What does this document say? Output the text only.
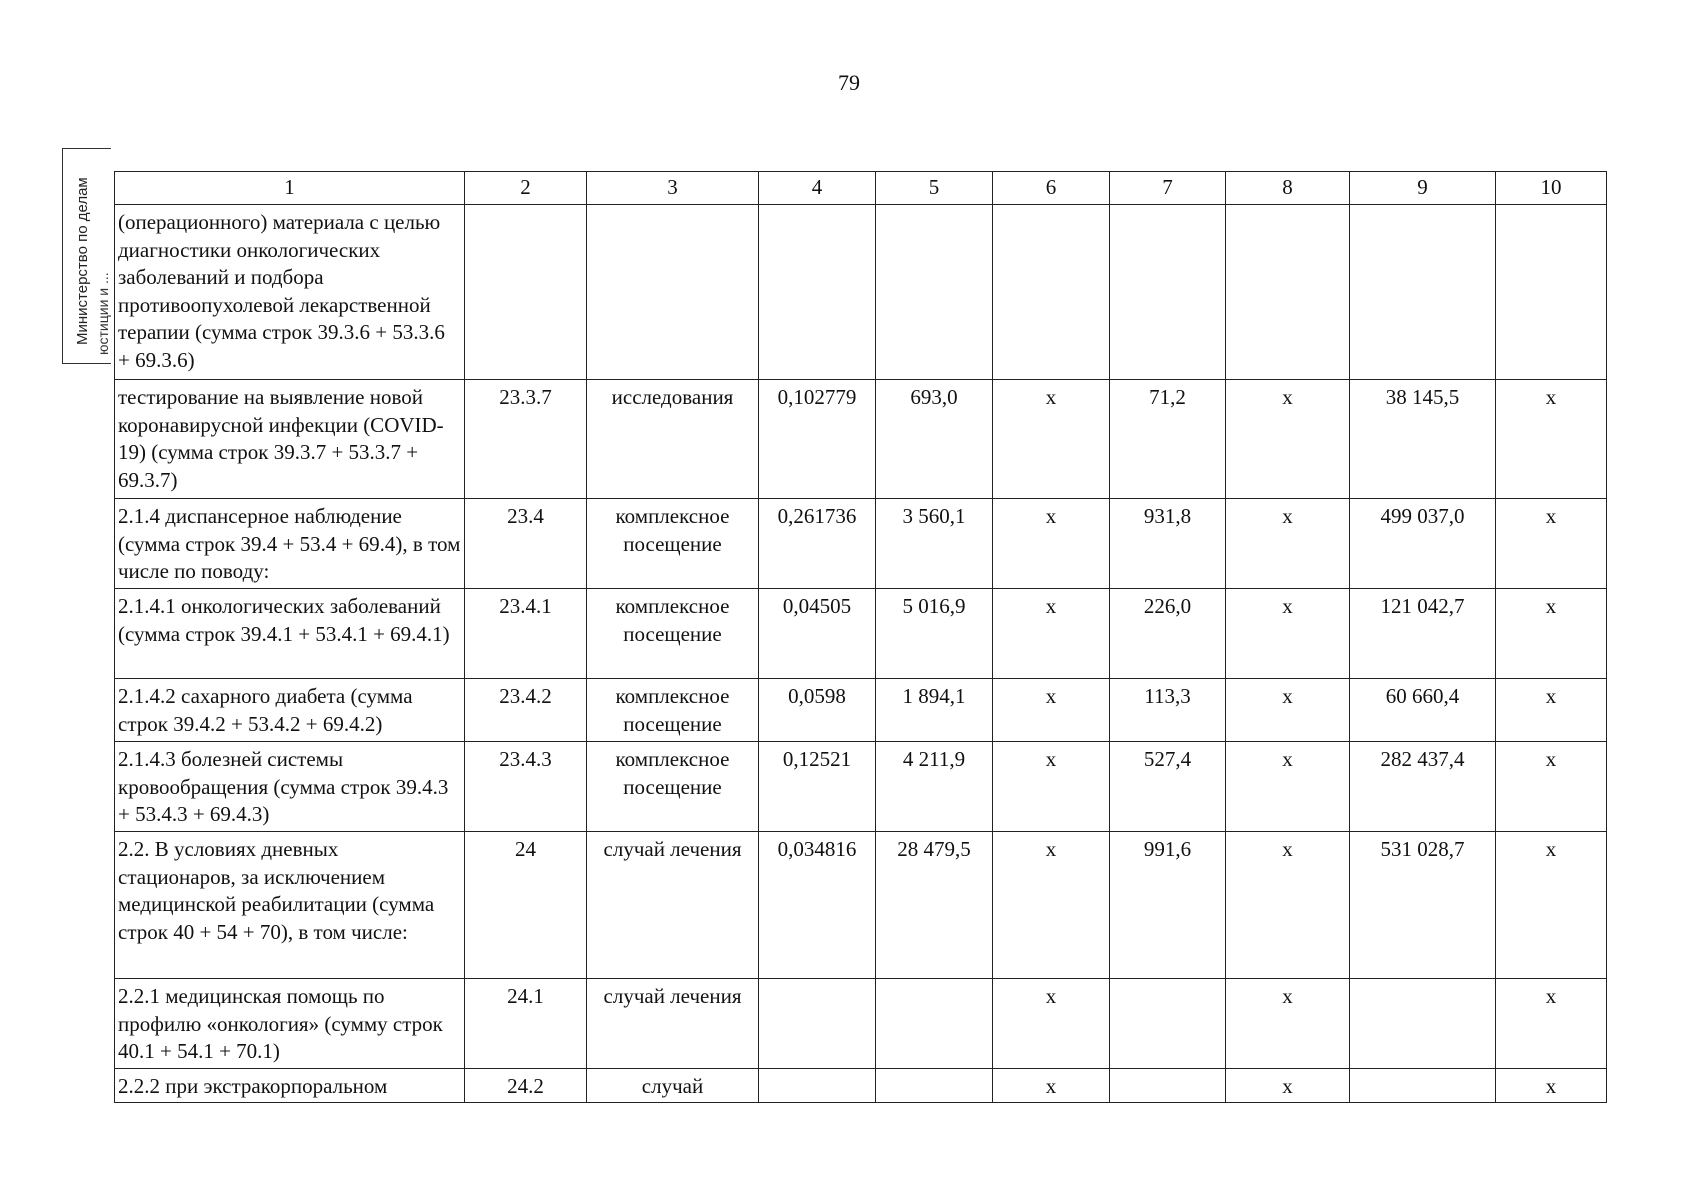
79
Министерство по делам юстиции и ...
1	2	3	4	5	6	7	8	9	10
(операционного) материала с целью диагностики онкологических заболеваний и подбора противоопухолевой лекарственной терапии (сумма строк 39.3.6 + 53.3.6 + 69.3.6)									
тестирование на выявление новой коронавирусной инфекции (COVID-19) (сумма строк 39.3.7 + 53.3.7 + 69.3.7)	23.3.7	исследования	0,102779	693,0	х	71,2	х	38 145,5	х
2.1.4 диспансерное наблюдение (сумма строк 39.4 + 53.4 + 69.4), в том числе по поводу:	23.4	комплексное посещение	0,261736	3 560,1	х	931,8	х	499 037,0	х
2.1.4.1 онкологических заболеваний (сумма строк 39.4.1 + 53.4.1 + 69.4.1)	23.4.1	комплексное посещение	0,04505	5 016,9	х	226,0	х	121 042,7	х
2.1.4.2 сахарного диабета (сумма строк 39.4.2 + 53.4.2 + 69.4.2)	23.4.2	комплексное посещение	0,0598	1 894,1	х	113,3	х	60 660,4	х
2.1.4.3 болезней системы кровообращения (сумма строк 39.4.3 + 53.4.3 + 69.4.3)	23.4.3	комплексное посещение	0,12521	4 211,9	х	527,4	х	282 437,4	х
2.2. В условиях дневных стационаров, за исключением медицинской реабилитации (сумма строк 40 + 54 + 70), в том числе:	24	случай лечения	0,034816	28 479,5	х	991,6	х	531 028,7	х
2.2.1 медицинская помощь по профилю «онкология» (сумму строк 40.1 + 54.1 + 70.1)	24.1	случай лечения			х		х		х
2.2.2 при экстракорпоральном	24.2	случай			х		х		х
